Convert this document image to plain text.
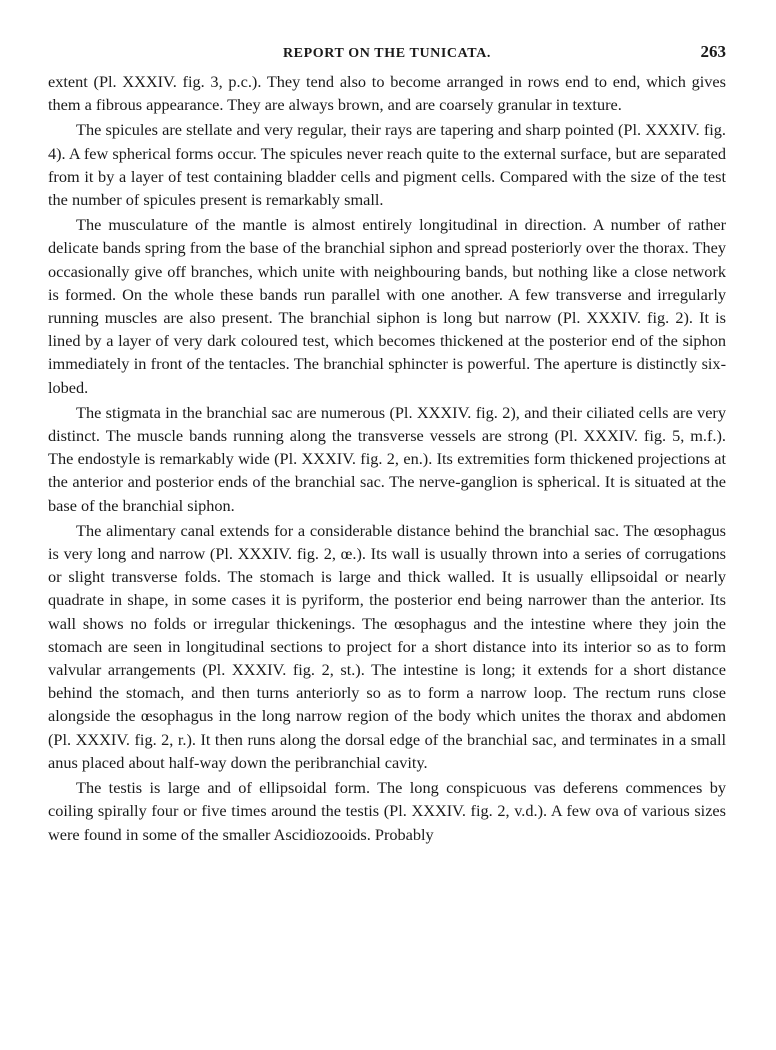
REPORT ON THE TUNICATA.	263

extent (Pl. XXXIV. fig. 3, p.c.). They tend also to become arranged in rows end to end, which gives them a fibrous appearance. They are always brown, and are coarsely granular in texture.

The spicules are stellate and very regular, their rays are tapering and sharp pointed (Pl. XXXIV. fig. 4). A few spherical forms occur. The spicules never reach quite to the external surface, but are separated from it by a layer of test containing bladder cells and pigment cells. Compared with the size of the test the number of spicules present is remarkably small.

The musculature of the mantle is almost entirely longitudinal in direction. A number of rather delicate bands spring from the base of the branchial siphon and spread posteriorly over the thorax. They occasionally give off branches, which unite with neighbouring bands, but nothing like a close network is formed. On the whole these bands run parallel with one another. A few transverse and irregularly running muscles are also present. The branchial siphon is long but narrow (Pl. XXXIV. fig. 2). It is lined by a layer of very dark coloured test, which becomes thickened at the posterior end of the siphon immediately in front of the tentacles. The branchial sphincter is powerful. The aperture is distinctly six-lobed.

The stigmata in the branchial sac are numerous (Pl. XXXIV. fig. 2), and their ciliated cells are very distinct. The muscle bands running along the transverse vessels are strong (Pl. XXXIV. fig. 5, m.f.). The endostyle is remarkably wide (Pl. XXXIV. fig. 2, en.). Its extremities form thickened projections at the anterior and posterior ends of the branchial sac. The nerve-ganglion is spherical. It is situated at the base of the branchial siphon.

The alimentary canal extends for a considerable distance behind the branchial sac. The œsophagus is very long and narrow (Pl. XXXIV. fig. 2, œ.). Its wall is usually thrown into a series of corrugations or slight transverse folds. The stomach is large and thick walled. It is usually ellipsoidal or nearly quadrate in shape, in some cases it is pyriform, the posterior end being narrower than the anterior. Its wall shows no folds or irregular thickenings. The œsophagus and the intestine where they join the stomach are seen in longitudinal sections to project for a short distance into its interior so as to form valvular arrangements (Pl. XXXIV. fig. 2, st.). The intestine is long; it extends for a short distance behind the stomach, and then turns anteriorly so as to form a narrow loop. The rectum runs close alongside the œsophagus in the long narrow region of the body which unites the thorax and abdomen (Pl. XXXIV. fig. 2, r.). It then runs along the dorsal edge of the branchial sac, and terminates in a small anus placed about half-way down the peribranchial cavity.

The testis is large and of ellipsoidal form. The long conspicuous vas deferens commences by coiling spirally four or five times around the testis (Pl. XXXIV. fig. 2, v.d.). A few ova of various sizes were found in some of the smaller Ascidiozooids. Probably
